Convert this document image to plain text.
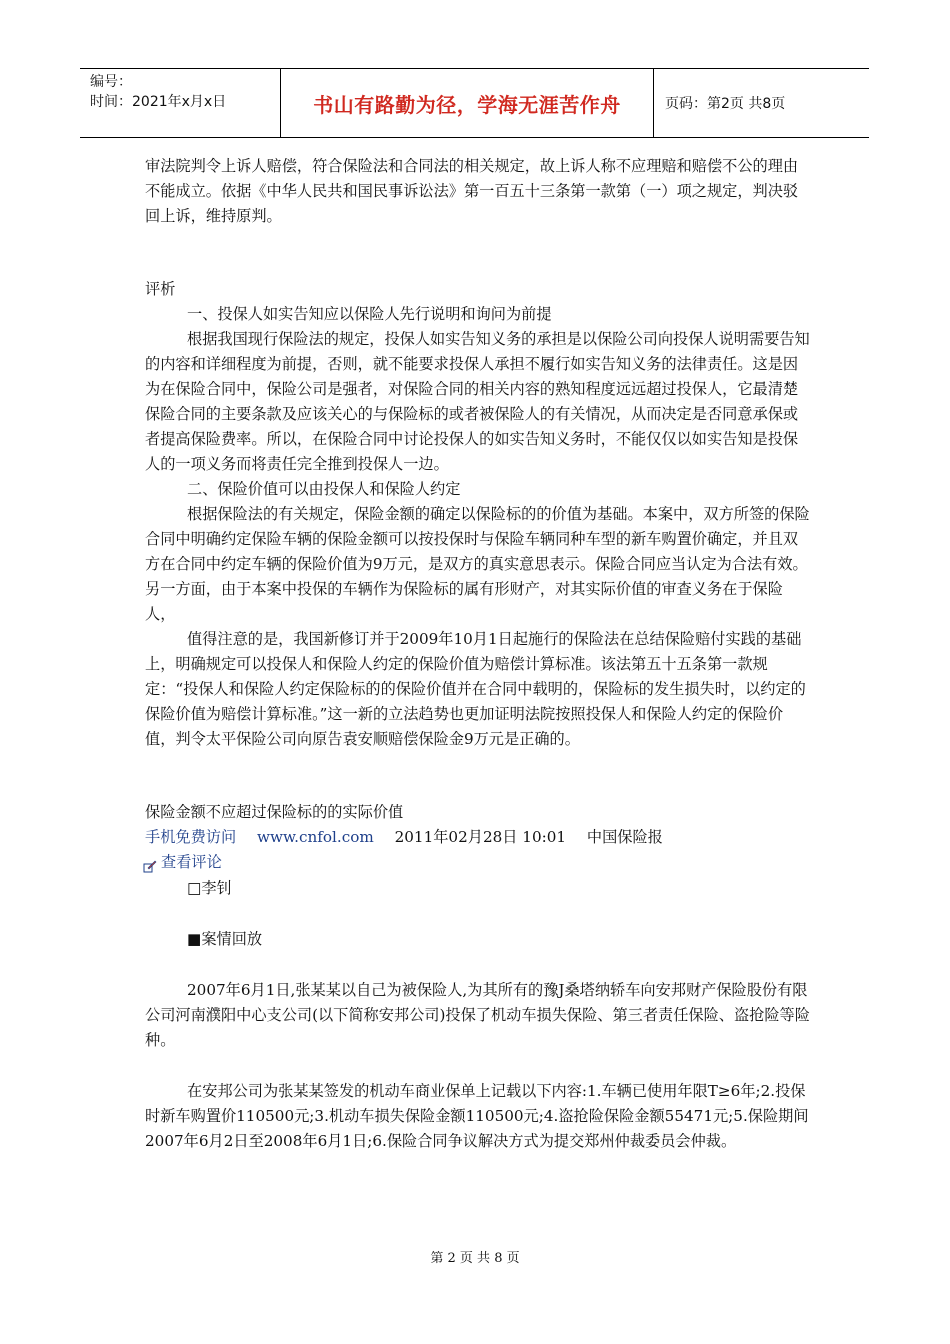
编号：
时间：2021年x月x日	书山有路勤为径，学海无涯苦作舟	页码：第2页 共8页

审法院判令上诉人赔偿，符合保险法和合同法的相关规定，故上诉人称不应理赔和赔偿不公的理由不能成立。依据《中华人民共和国民事诉讼法》第一百五十三条第一款第（一）项之规定，判决驳回上诉，维持原判。

评析

一、投保人如实告知应以保险人先行说明和询问为前提

根据我国现行保险法的规定，投保人如实告知义务的承担是以保险公司向投保人说明需要告知的内容和详细程度为前提，否则，就不能要求投保人承担不履行如实告知义务的法律责任。这是因为在保险合同中，保险公司是强者，对保险合同的相关内容的熟知程度远远超过投保人，它最清楚保险合同的主要条款及应该关心的与保险标的或者被保险人的有关情况，从而决定是否同意承保或者提高保险费率。所以，在保险合同中讨论投保人的如实告知义务时，不能仅仅以如实告知是投保人的一项义务而将责任完全推到投保人一边。

二、保险价值可以由投保人和保险人约定

根据保险法的有关规定，保险金额的确定以保险标的的价值为基础。本案中，双方所签的保险合同中明确约定保险车辆的保险金额可以按投保时与保险车辆同种车型的新车购置价确定，并且双方在合同中约定车辆的保险价值为9万元，是双方的真实意思表示。保险合同应当认定为合法有效。另一方面，由于本案中投保的车辆作为保险标的属有形财产，对其实际价值的审查义务在于保险人，

值得注意的是，我国新修订并于2009年10月1日起施行的保险法在总结保险赔付实践的基础上，明确规定可以投保人和保险人约定的保险价值为赔偿计算标准。该法第五十五条第一款规定：“投保人和保险人约定保险标的的保险价值并在合同中载明的，保险标的发生损失时，以约定的保险价值为赔偿计算标准。”这一新的立法趋势也更加证明法院按照投保人和保险人约定的保险价值，判令太平保险公司向原告袁安顺赔偿保险金9万元是正确的。

保险金额不应超过保险标的的实际价值

手机免费访问 www.cnfol.com 2011年02月28日 10:01 中国保险报

查看评论

□李钊

■案情回放

2007年6月1日,张某某以自己为被保险人,为其所有的豫J桑塔纳轿车向安邦财产保险股份有限公司河南濮阳中心支公司(以下简称安邦公司)投保了机动车损失保险、第三者责任保险、盗抢险等险种。

在安邦公司为张某某签发的机动车商业保单上记载以下内容:1.车辆已使用年限T≥6年;2.投保时新车购置价110500元;3.机动车损失保险金额110500元;4.盗抢险保险金额55471元;5.保险期间2007年6月2日至2008年6月1日;6.保险合同争议解决方式为提交郑州仲裁委员会仲裁。

第 2 页 共 8 页
